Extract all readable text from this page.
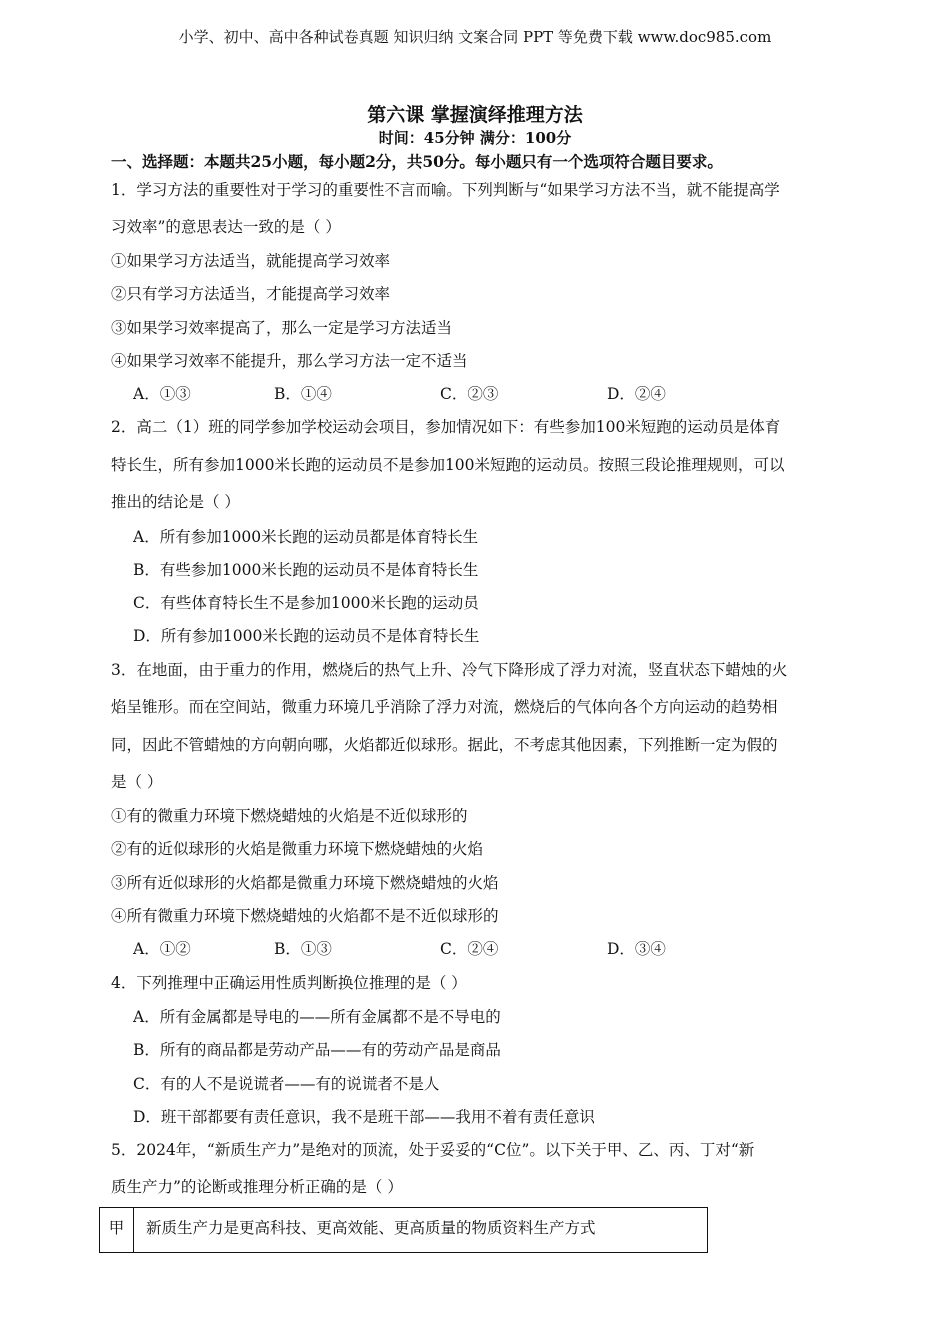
小学、初中、高中各种试卷真题 知识归纳 文案合同 PPT 等免费下载 www.doc985.com
第六课 掌握演绎推理方法
时间：45分钟 满分：100分
一、选择题：本题共25小题，每小题2分，共50分。每小题只有一个选项符合题目要求。
1．学习方法的重要性对于学习的重要性不言而喻。下列判断与“如果学习方法不当，就不能提高学
习效率”的意思表达一致的是（ ）
①如果学习方法适当，就能提高学习效率
②只有学习方法适当，才能提高学习效率
③如果学习效率提高了，那么一定是学习方法适当
④如果学习效率不能提升，那么学习方法一定不适当
A．①③	B．①④	C．②③	D．②④
2．高二（1）班的同学参加学校运动会项目，参加情况如下：有些参加100米短跑的运动员是体育
特长生，所有参加1000米长跑的运动员不是参加100米短跑的运动员。按照三段论推理规则，可以
推出的结论是（ ）
A．所有参加1000米长跑的运动员都是体育特长生
B．有些参加1000米长跑的运动员不是体育特长生
C．有些体育特长生不是参加1000米长跑的运动员
D．所有参加1000米长跑的运动员不是体育特长生
3．在地面，由于重力的作用，燃烧后的热气上升、冷气下降形成了浮力对流，竖直状态下蜡烛的火
焰呈锥形。而在空间站，微重力环境几乎消除了浮力对流，燃烧后的气体向各个方向运动的趋势相
同，因此不管蜡烛的方向朝向哪，火焰都近似球形。据此，不考虑其他因素，下列推断一定为假的
是（ ）
①有的微重力环境下燃烧蜡烛的火焰是不近似球形的
②有的近似球形的火焰是微重力环境下燃烧蜡烛的火焰
③所有近似球形的火焰都是微重力环境下燃烧蜡烛的火焰
④所有微重力环境下燃烧蜡烛的火焰都不是不近似球形的
A．①②	B．①③	C．②④	D．③④
4．下列推理中正确运用性质判断换位推理的是（ ）
A．所有金属都是导电的——所有金属都不是不导电的
B．所有的商品都是劳动产品——有的劳动产品是商品
C．有的人不是说谎者——有的说谎者不是人
D．班干部都要有责任意识，我不是班干部——我用不着有责任意识
5．2024年，“新质生产力”是绝对的顶流，处于妥妥的“C位”。以下关于甲、乙、丙、丁对“新
质生产力”的论断或推理分析正确的是（ ）
甲	新质生产力是更高科技、更高效能、更高质量的物质资料生产方式
